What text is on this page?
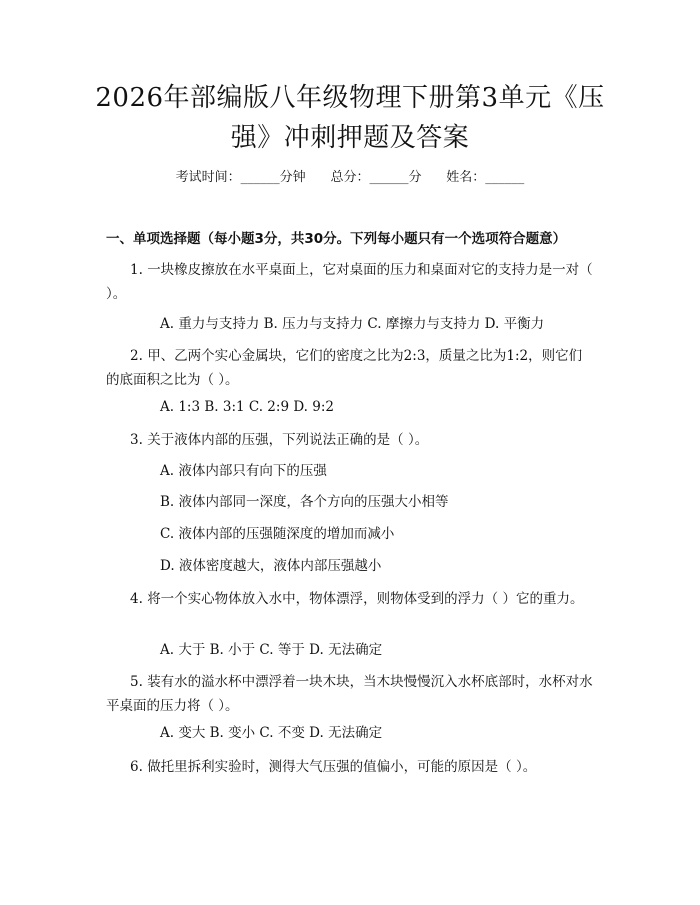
2026年部编版八年级物理下册第3单元《压
强》冲刺押题及答案
考试时间：______分钟 总分：______分 姓名：______
一、单项选择题（每小题3分，共30分。下列每小题只有一个选项符合题意）
1. 一块橡皮擦放在水平桌面上，它对桌面的压力和桌面对它的支持力是一对（ ）。
A. 重力与支持力 B. 压力与支持力 C. 摩擦力与支持力 D. 平衡力
2. 甲、乙两个实心金属块，它们的密度之比为2:3，质量之比为1:2，则它们的底面积之比为（ ）。
A. 1:3 B. 3:1 C. 2:9 D. 9:2
3. 关于液体内部的压强，下列说法正确的是（ ）。
A. 液体内部只有向下的压强
B. 液体内部同一深度，各个方向的压强大小相等
C. 液体内部的压强随深度的增加而减小
D. 液体密度越大，液体内部压强越小
4. 将一个实心物体放入水中，物体漂浮，则物体受到的浮力（ ）它的重力。
A. 大于 B. 小于 C. 等于 D. 无法确定
5. 装有水的溢水杯中漂浮着一块木块，当木块慢慢沉入水杯底部时，水杯对水平桌面的压力将（ ）。
A. 变大 B. 变小 C. 不变 D. 无法确定
6. 做托里拆利实验时，测得大气压强的值偏小，可能的原因是（ ）。
